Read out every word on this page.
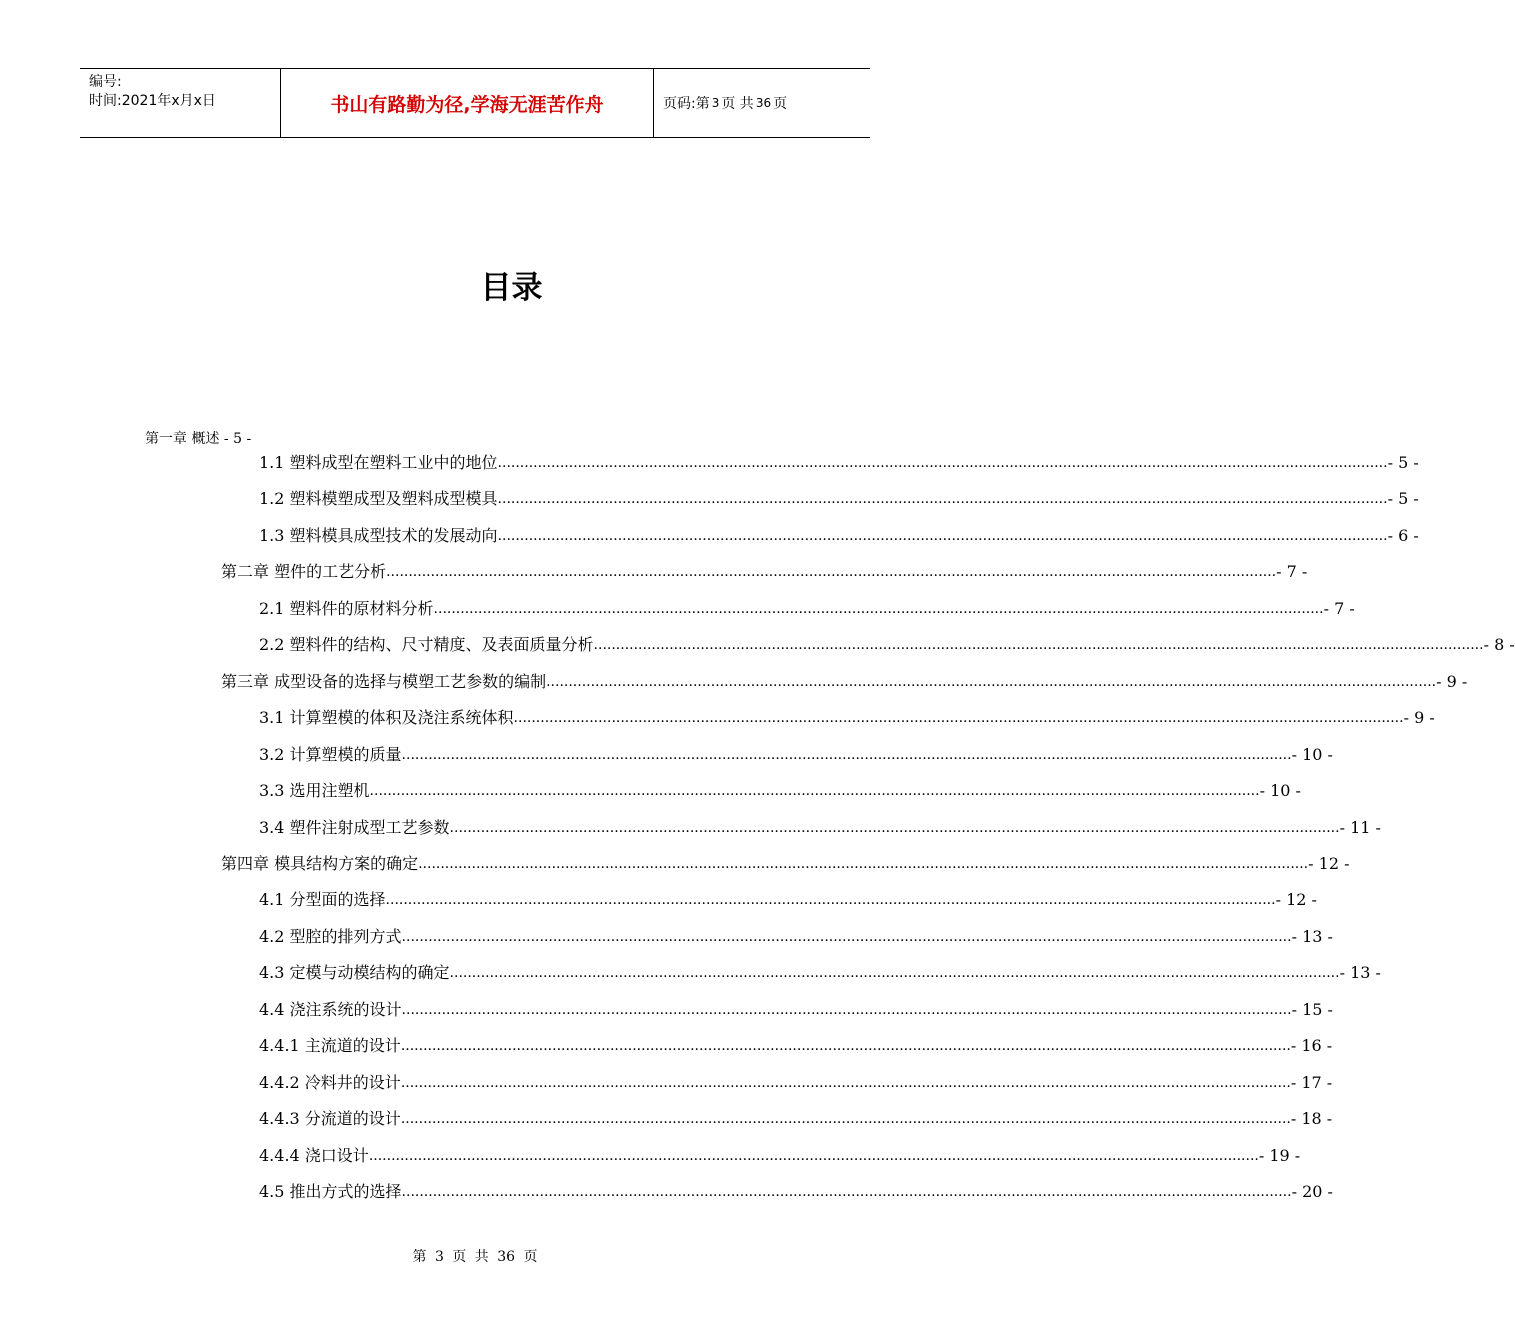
编号:
时间:2021年x月x日	书山有路勤为径,学海无涯苦作舟	页码:第 3 页 共 36 页
目录
第一章 概述 - 5 -
1.1 塑料成型在塑料工业中的地位 ........................................................................................................................................................................................................ - 5 -
1.2 塑料模塑成型及塑料成型模具 ........................................................................................................................................................................................................ - 5 -
1.3 塑料模具成型技术的发展动向 ........................................................................................................................................................................................................ - 6 -
第二章 塑件的工艺分析 ........................................................................................................................................................................................................ - 7 -
2.1 塑料件的原材料分析 ........................................................................................................................................................................................................ - 7 -
2.2 塑料件的结构、尺寸精度、及表面质量分析 ........................................................................................................................................................................................................ - 8 -
第三章 成型设备的选择与模塑工艺参数的编制 ........................................................................................................................................................................................................ - 9 -
3.1 计算塑模的体积及浇注系统体积 ........................................................................................................................................................................................................ - 9 -
3.2 计算塑模的质量 ........................................................................................................................................................................................................ - 10 -
3.3 选用注塑机 ........................................................................................................................................................................................................ - 10 -
3.4 塑件注射成型工艺参数 ........................................................................................................................................................................................................ - 11 -
第四章 模具结构方案的确定 ........................................................................................................................................................................................................ - 12 -
4.1 分型面的选择 ........................................................................................................................................................................................................ - 12 -
4.2 型腔的排列方式 ........................................................................................................................................................................................................ - 13 -
4.3 定模与动模结构的确定 ........................................................................................................................................................................................................ - 13 -
4.4 浇注系统的设计 ........................................................................................................................................................................................................ - 15 -
4.4.1 主流道的设计 ........................................................................................................................................................................................................ - 16 -
4.4.2 冷料井的设计 ........................................................................................................................................................................................................ - 17 -
4.4.3 分流道的设计 ........................................................................................................................................................................................................ - 18 -
4.4.4 浇口设计 ........................................................................................................................................................................................................ - 19 -
4.5 推出方式的选择 ........................................................................................................................................................................................................ - 20 -
第 3 页 共 36 页
